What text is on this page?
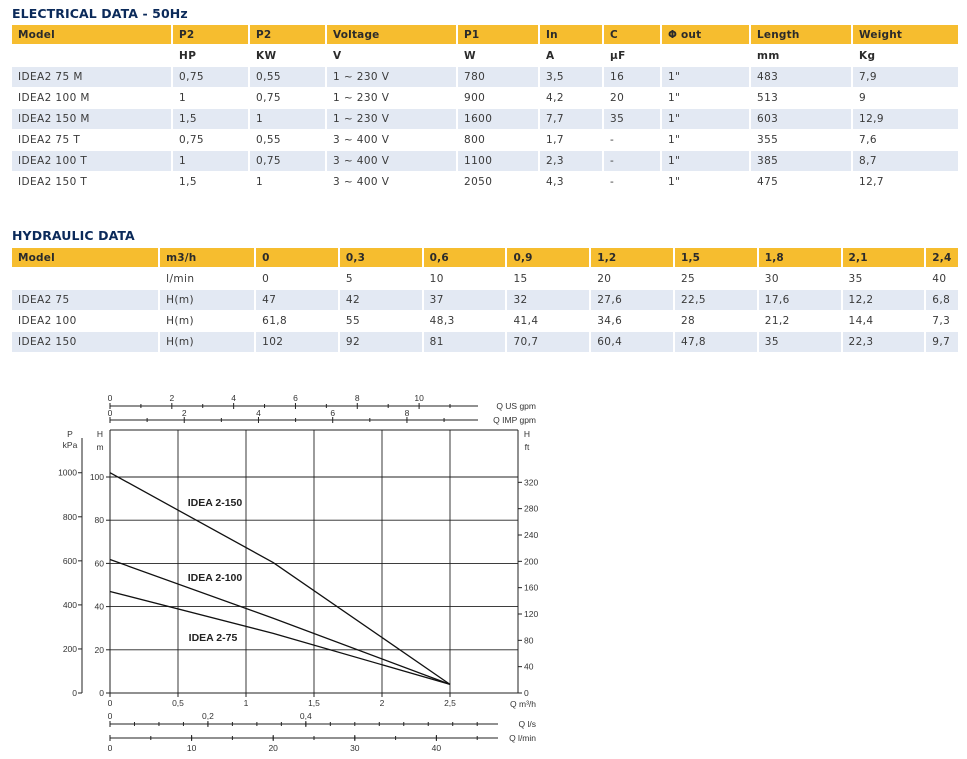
ELECTRICAL DATA - 50Hz
Model	P2	P2	Voltage	P1	In	C	Φ out	Length	Weight
	HP	KW	V	W	A	µF		mm	Kg
IDEA2 75 M	0,75	0,55	1 ~ 230 V	780	3,5	16	1"	483	7,9
IDEA2 100 M	1	0,75	1 ~ 230 V	900	4,2	20	1"	513	9
IDEA2 150 M	1,5	1	1 ~ 230 V	1600	7,7	35	1"	603	12,9
IDEA2 75 T	0,75	0,55	3 ~ 400 V	800	1,7	-	1"	355	7,6
IDEA2 100 T	1	0,75	3 ~ 400 V	1100	2,3	-	1"	385	8,7
IDEA2 150 T	1,5	1	3 ~ 400 V	2050	4,3	-	1"	475	12,7
HYDRAULIC DATA
Model	m3/h	0	0,3	0,6	0,9	1,2	1,5	1,8	2,1	2,4
	l/min	0	5	10	15	20	25	30	35	40
IDEA2 75	H(m)	47	42	37	32	27,6	22,5	17,6	12,2	6,8
IDEA2 100	H(m)	61,8	55	48,3	41,4	34,6	28	21,2	14,4	7,3
IDEA2 150	H(m)	102	92	81	70,7	60,4	47,8	35	22,3	9,7
0
20
40
60
80
100
0
200
400
600
800
1000
0
40
80
120
160
200
240
280
320
P
kPa
H
m
H
ft
0	0,5	1	1,5	2	2,5	Q m³/h
0	2	4	6	8	10
Q US gpm
0	2	4	6	8
Q IMP gpm
0	0,2	0,4
Q l/s
0	10	20	30	40
Q l/min
IDEA 2-150
IDEA 2-100
IDEA 2-75
